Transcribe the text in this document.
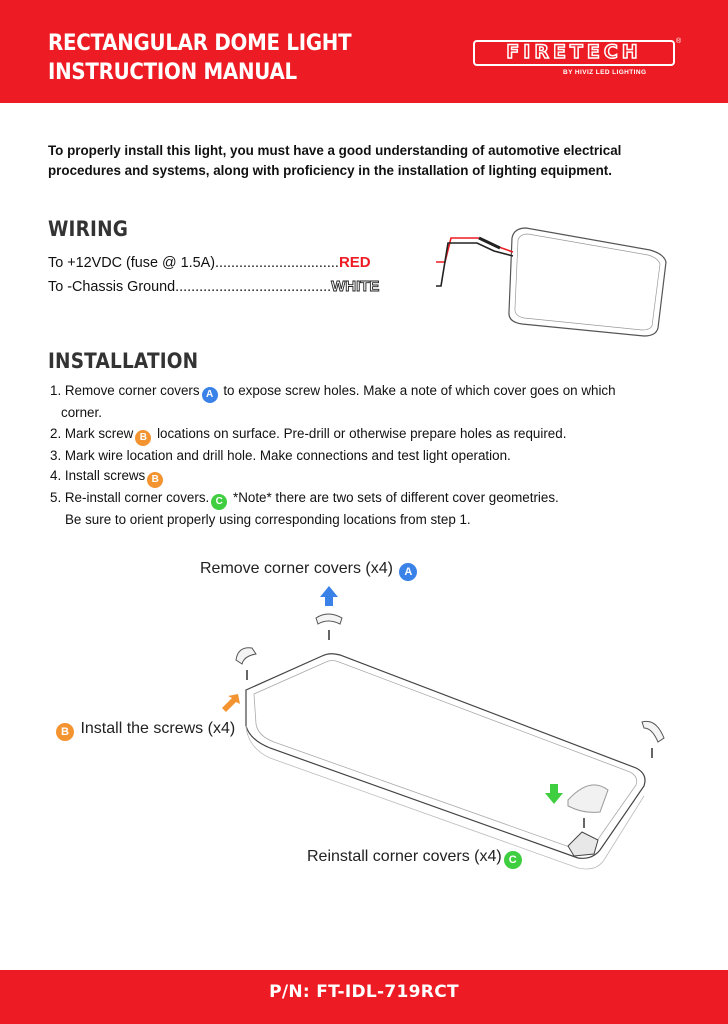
RECTANGULAR DOME LIGHT
INSTRUCTION MANUAL
FIRETECH	®
BY HIVIZ LED LIGHTING
To properly install this light, you must have a good understanding of automotive electrical procedures and systems, along with proficiency in the installation of lighting equipment.
WIRING
To +12VDC (fuse @ 1.5A)...............................RED
To -Chassis Ground.......................................WHITE
INSTALLATION
1. Remove corner covers A to expose screw holes. Make a note of which cover goes on which
corner.
2. Mark screw B locations on surface. Pre-drill or otherwise prepare holes as required.
3. Mark wire location and drill hole. Make connections and test light operation.
4. Install screws B
5. Re-install corner covers. C *Note* there are two sets of different cover geometries.
Be sure to orient properly using corresponding locations from step 1.
Remove corner covers (x4) A
B Install the screws (x4)
Reinstall corner covers (x4) C
P/N: FT-IDL-719RCT
